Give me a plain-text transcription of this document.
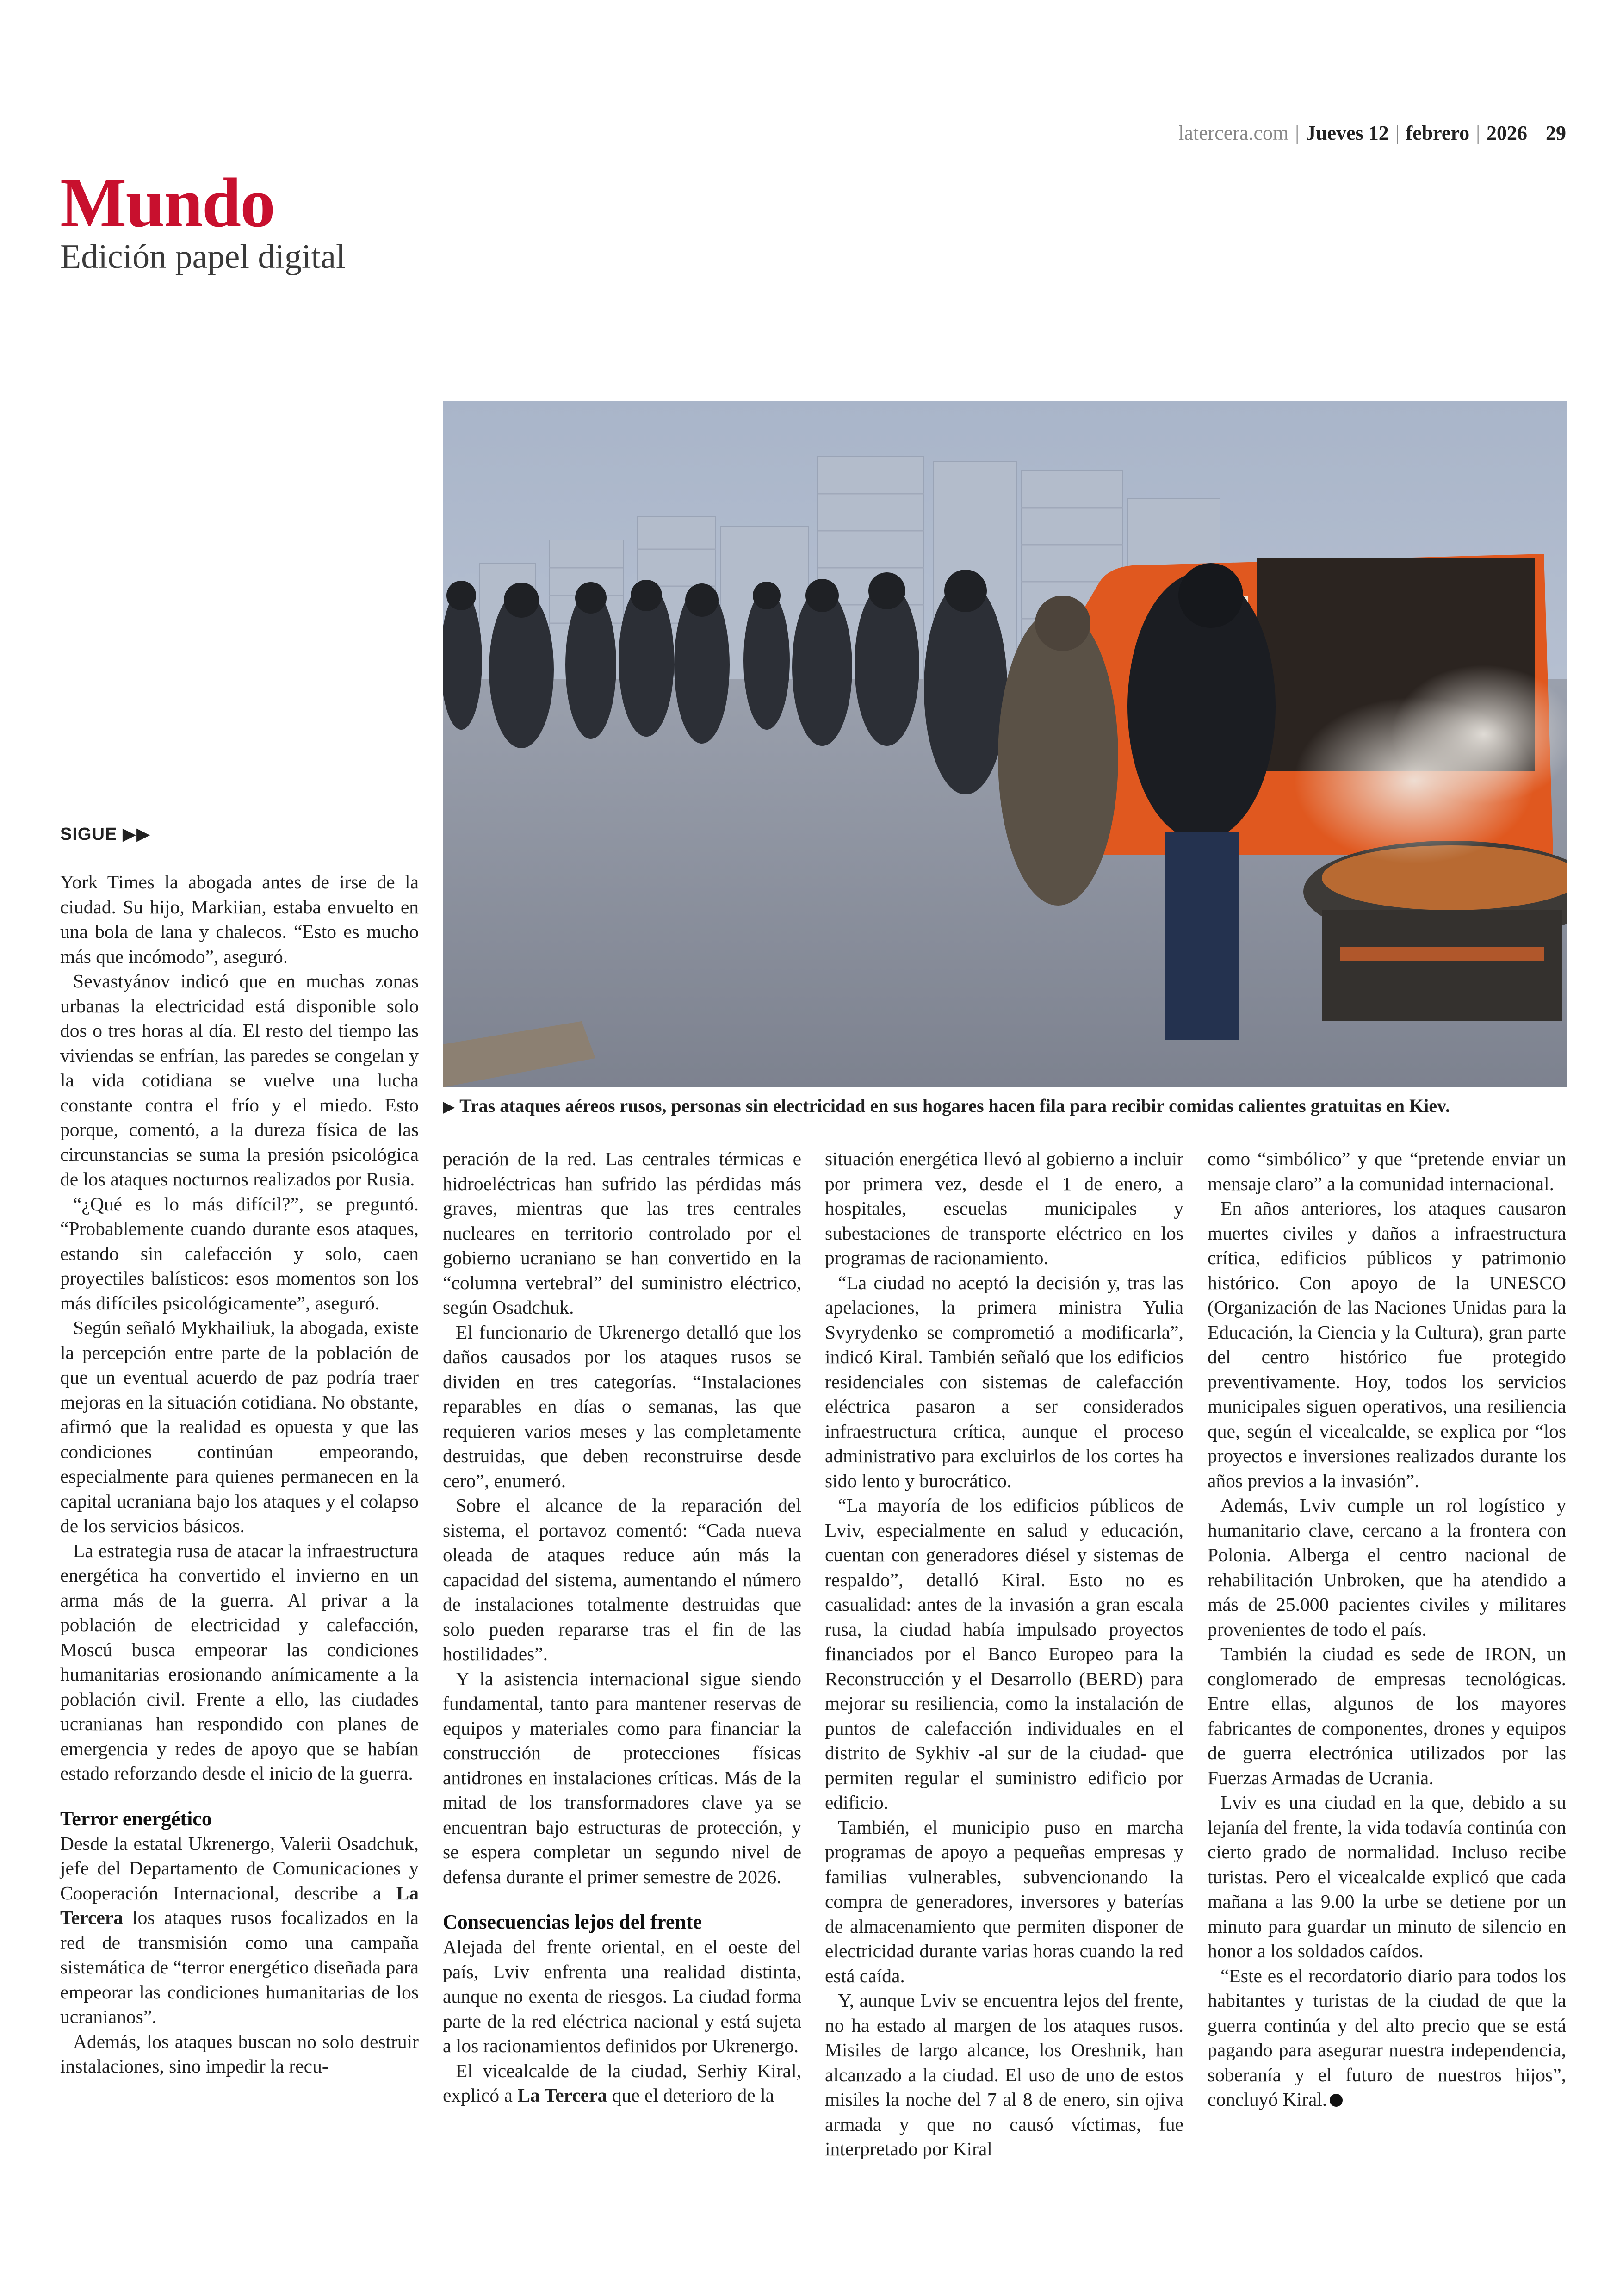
latercera.com | Jueves 12 | febrero | 2026 29
Mundo
Edición papel digital
▶ Tras ataques aéreos rusos, personas sin electricidad en sus hogares hacen fila para recibir comidas calientes gratuitas en Kiev.
SIGUE ▶▶

York Times la abogada antes de irse de la ciudad. Su hijo, Markiian, estaba envuelto en una bola de lana y chalecos. “Esto es mucho más que incómodo”, aseguró.

Sevastyánov indicó que en muchas zonas urbanas la electricidad está disponible solo dos o tres horas al día. El resto del tiempo las viviendas se enfrían, las paredes se congelan y la vida cotidiana se vuelve una lucha constante contra el frío y el miedo. Esto porque, comentó, a la dureza física de las circunstancias se suma la presión psicológica de los ataques nocturnos realizados por Rusia.

“¿Qué es lo más difícil?”, se preguntó. “Probablemente cuando durante esos ataques, estando sin calefacción y solo, caen proyectiles balísticos: esos momentos son los más difíciles psicológicamente”, aseguró.

Según señaló Mykhailiuk, la abogada, existe la percepción entre parte de la población de que un eventual acuerdo de paz podría traer mejoras en la situación cotidiana. No obstante, afirmó que la realidad es opuesta y que las condiciones continúan empeorando, especialmente para quienes permanecen en la capital ucraniana bajo los ataques y el colapso de los servicios básicos.

La estrategia rusa de atacar la infraestructura energética ha convertido el invierno en un arma más de la guerra. Al privar a la población de electricidad y calefacción, Moscú busca empeorar las condiciones humanitarias erosionando anímicamente a la población civil. Frente a ello, las ciudades ucranianas han respondido con planes de emergencia y redes de apoyo que se habían estado reforzando desde el inicio de la guerra.

Terror energético

Desde la estatal Ukrenergo, Valerii Osadchuk, jefe del Departamento de Comunicaciones y Cooperación Internacional, describe a La Tercera los ataques rusos focalizados en la red de transmisión como una campaña sistemática de “terror energético diseñada para empeorar las condiciones humanitarias de los ucranianos”.

Además, los ataques buscan no solo destruir instalaciones, sino impedir la recu-

peración de la red. Las centrales térmicas e hidroeléctricas han sufrido las pérdidas más graves, mientras que las tres centrales nucleares en territorio controlado por el gobierno ucraniano se han convertido en la “columna vertebral” del suministro eléctrico, según Osadchuk.

El funcionario de Ukrenergo detalló que los daños causados por los ataques rusos se dividen en tres categorías. “Instalaciones reparables en días o semanas, las que requieren varios meses y las completamente destruidas, que deben reconstruirse desde cero”, enumeró.

Sobre el alcance de la reparación del sistema, el portavoz comentó: “Cada nueva oleada de ataques reduce aún más la capacidad del sistema, aumentando el número de instalaciones totalmente destruidas que solo pueden repararse tras el fin de las hostilidades”.

Y la asistencia internacional sigue siendo fundamental, tanto para mantener reservas de equipos y materiales como para financiar la construcción de protecciones físicas antidrones en instalaciones críticas. Más de la mitad de los transformadores clave ya se encuentran bajo estructuras de protección, y se espera completar un segundo nivel de defensa durante el primer semestre de 2026.

Consecuencias lejos del frente

Alejada del frente oriental, en el oeste del país, Lviv enfrenta una realidad distinta, aunque no exenta de riesgos. La ciudad forma parte de la red eléctrica nacional y está sujeta a los racionamientos definidos por Ukrenergo.

El vicealcalde de la ciudad, Serhiy Kiral, explicó a La Tercera que el deterioro de la

situación energética llevó al gobierno a incluir por primera vez, desde el 1 de enero, a hospitales, escuelas municipales y subestaciones de transporte eléctrico en los programas de racionamiento.

“La ciudad no aceptó la decisión y, tras las apelaciones, la primera ministra Yulia Svyrydenko se comprometió a modificarla”, indicó Kiral. También señaló que los edificios residenciales con sistemas de calefacción eléctrica pasaron a ser considerados infraestructura crítica, aunque el proceso administrativo para excluirlos de los cortes ha sido lento y burocrático.

“La mayoría de los edificios públicos de Lviv, especialmente en salud y educación, cuentan con generadores diésel y sistemas de respaldo”, detalló Kiral. Esto no es casualidad: antes de la invasión a gran escala rusa, la ciudad había impulsado proyectos financiados por el Banco Europeo para la Reconstrucción y el Desarrollo (BERD) para mejorar su resiliencia, como la instalación de puntos de calefacción individuales en el distrito de Sykhiv -al sur de la ciudad- que permiten regular el suministro edificio por edificio.

También, el municipio puso en marcha programas de apoyo a pequeñas empresas y familias vulnerables, subvencionando la compra de generadores, inversores y baterías de almacenamiento que permiten disponer de electricidad durante varias horas cuando la red está caída.

Y, aunque Lviv se encuentra lejos del frente, no ha estado al margen de los ataques rusos. Misiles de largo alcance, los Oreshnik, han alcanzado a la ciudad. El uso de uno de estos misiles la noche del 7 al 8 de enero, sin ojiva armada y que no causó víctimas, fue interpretado por Kiral

como “simbólico” y que “pretende enviar un mensaje claro” a la comunidad internacional.

En años anteriores, los ataques causaron muertes civiles y daños a infraestructura crítica, edificios públicos y patrimonio histórico. Con apoyo de la UNESCO (Organización de las Naciones Unidas para la Educación, la Ciencia y la Cultura), gran parte del centro histórico fue protegido preventivamente. Hoy, todos los servicios municipales siguen operativos, una resiliencia que, según el vicealcalde, se explica por “los proyectos e inversiones realizados durante los años previos a la invasión”.

Además, Lviv cumple un rol logístico y humanitario clave, cercano a la frontera con Polonia. Alberga el centro nacional de rehabilitación Unbroken, que ha atendido a más de 25.000 pacientes civiles y militares provenientes de todo el país.

También la ciudad es sede de IRON, un conglomerado de empresas tecnológicas. Entre ellas, algunos de los mayores fabricantes de componentes, drones y equipos de guerra electrónica utilizados por las Fuerzas Armadas de Ucrania.

Lviv es una ciudad en la que, debido a su lejanía del frente, la vida todavía continúa con cierto grado de normalidad. Incluso recibe turistas. Pero el vicealcalde explicó que cada mañana a las 9.00 la urbe se detiene por un minuto para guardar un minuto de silencio en honor a los soldados caídos.

“Este es el recordatorio diario para todos los habitantes y turistas de la ciudad de que la guerra continúa y del alto precio que se está pagando para asegurar nuestra independencia, soberanía y el futuro de nuestros hijos”, concluyó Kiral.
